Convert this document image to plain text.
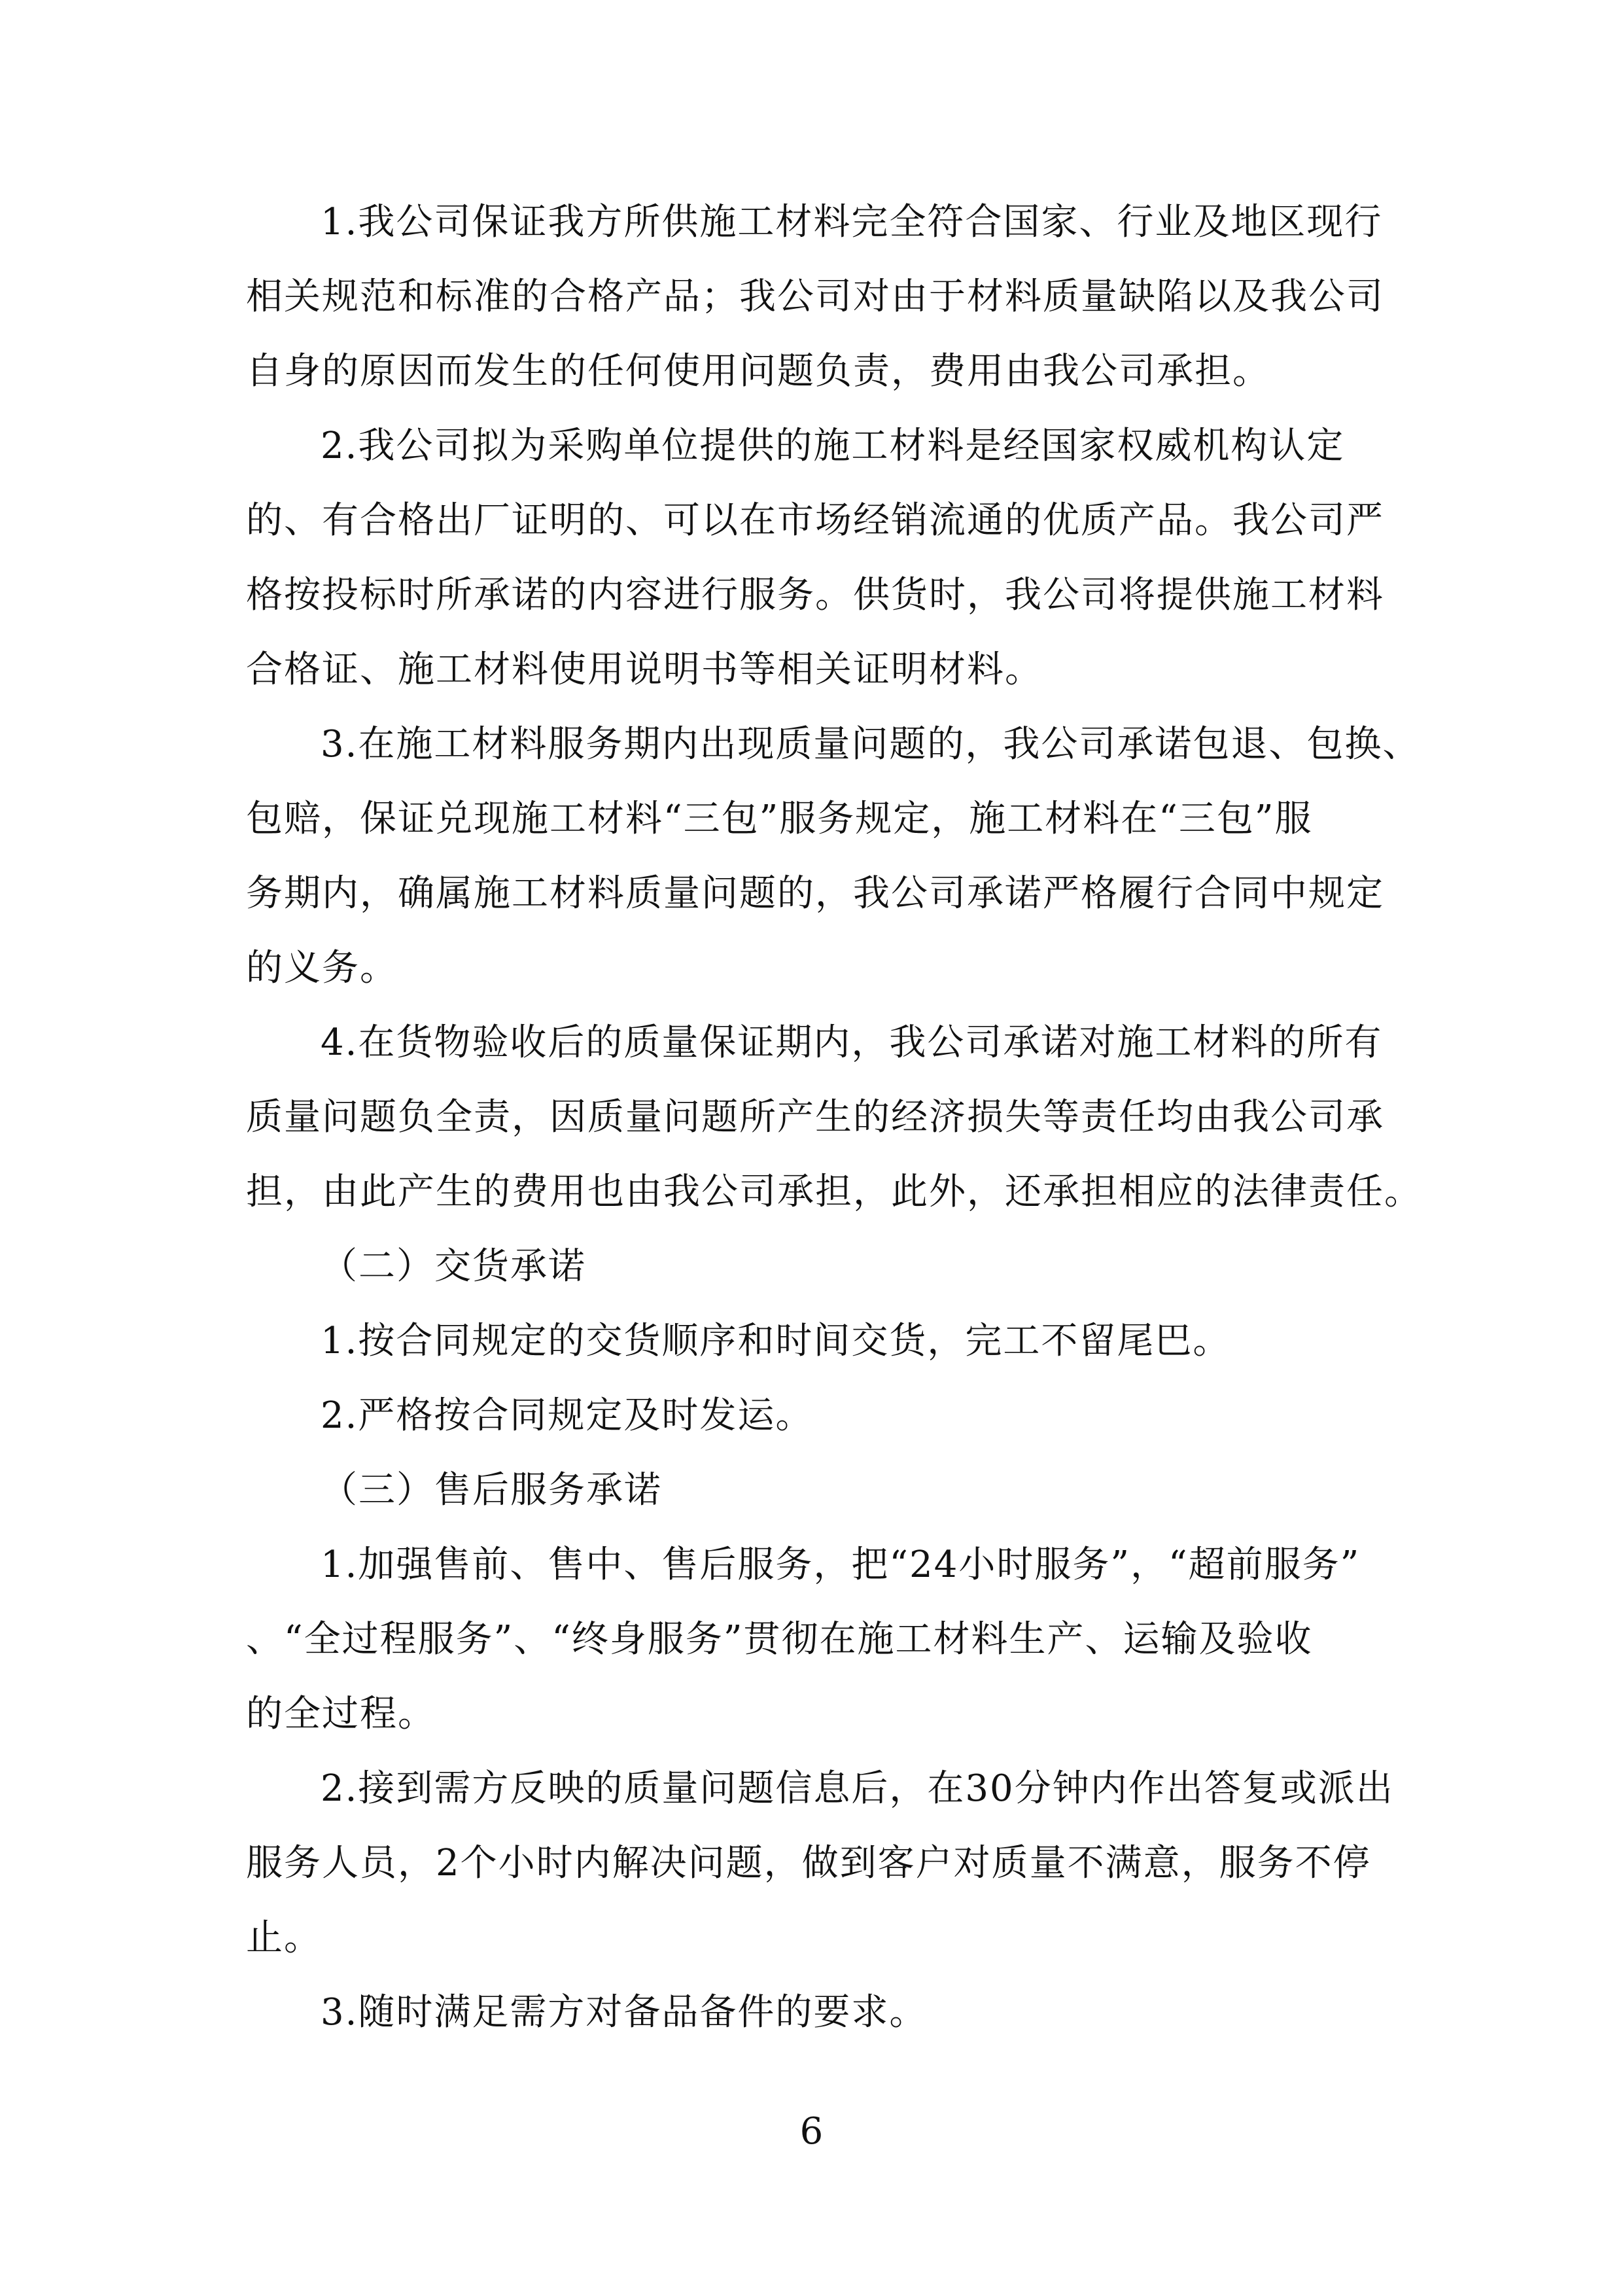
1.我公司保证我方所供施工材料完全符合国家、行业及地区现行
相关规范和标准的合格产品；我公司对由于材料质量缺陷以及我公司
自身的原因而发生的任何使用问题负责，费用由我公司承担。
2.我公司拟为采购单位提供的施工材料是经国家权威机构认定
的、有合格出厂证明的、可以在市场经销流通的优质产品。我公司严
格按投标时所承诺的内容进行服务。供货时，我公司将提供施工材料
合格证、施工材料使用说明书等相关证明材料。
3.在施工材料服务期内出现质量问题的，我公司承诺包退、包换、
包赔，保证兑现施工材料“三包”服务规定，施工材料在“三包”服
务期内，确属施工材料质量问题的，我公司承诺严格履行合同中规定
的义务。
4.在货物验收后的质量保证期内，我公司承诺对施工材料的所有
质量问题负全责，因质量问题所产生的经济损失等责任均由我公司承
担，由此产生的费用也由我公司承担，此外，还承担相应的法律责任。
（二）交货承诺
1.按合同规定的交货顺序和时间交货，完工不留尾巴。
2.严格按合同规定及时发运。
（三）售后服务承诺
1.加强售前、售中、售后服务，把“24小时服务”，“超前服务”
、“全过程服务”、“终身服务”贯彻在施工材料生产、运输及验收
的全过程。
2.接到需方反映的质量问题信息后，在30分钟内作出答复或派出
服务人员，2个小时内解决问题，做到客户对质量不满意，服务不停
止。
3.随时满足需方对备品备件的要求。
6
